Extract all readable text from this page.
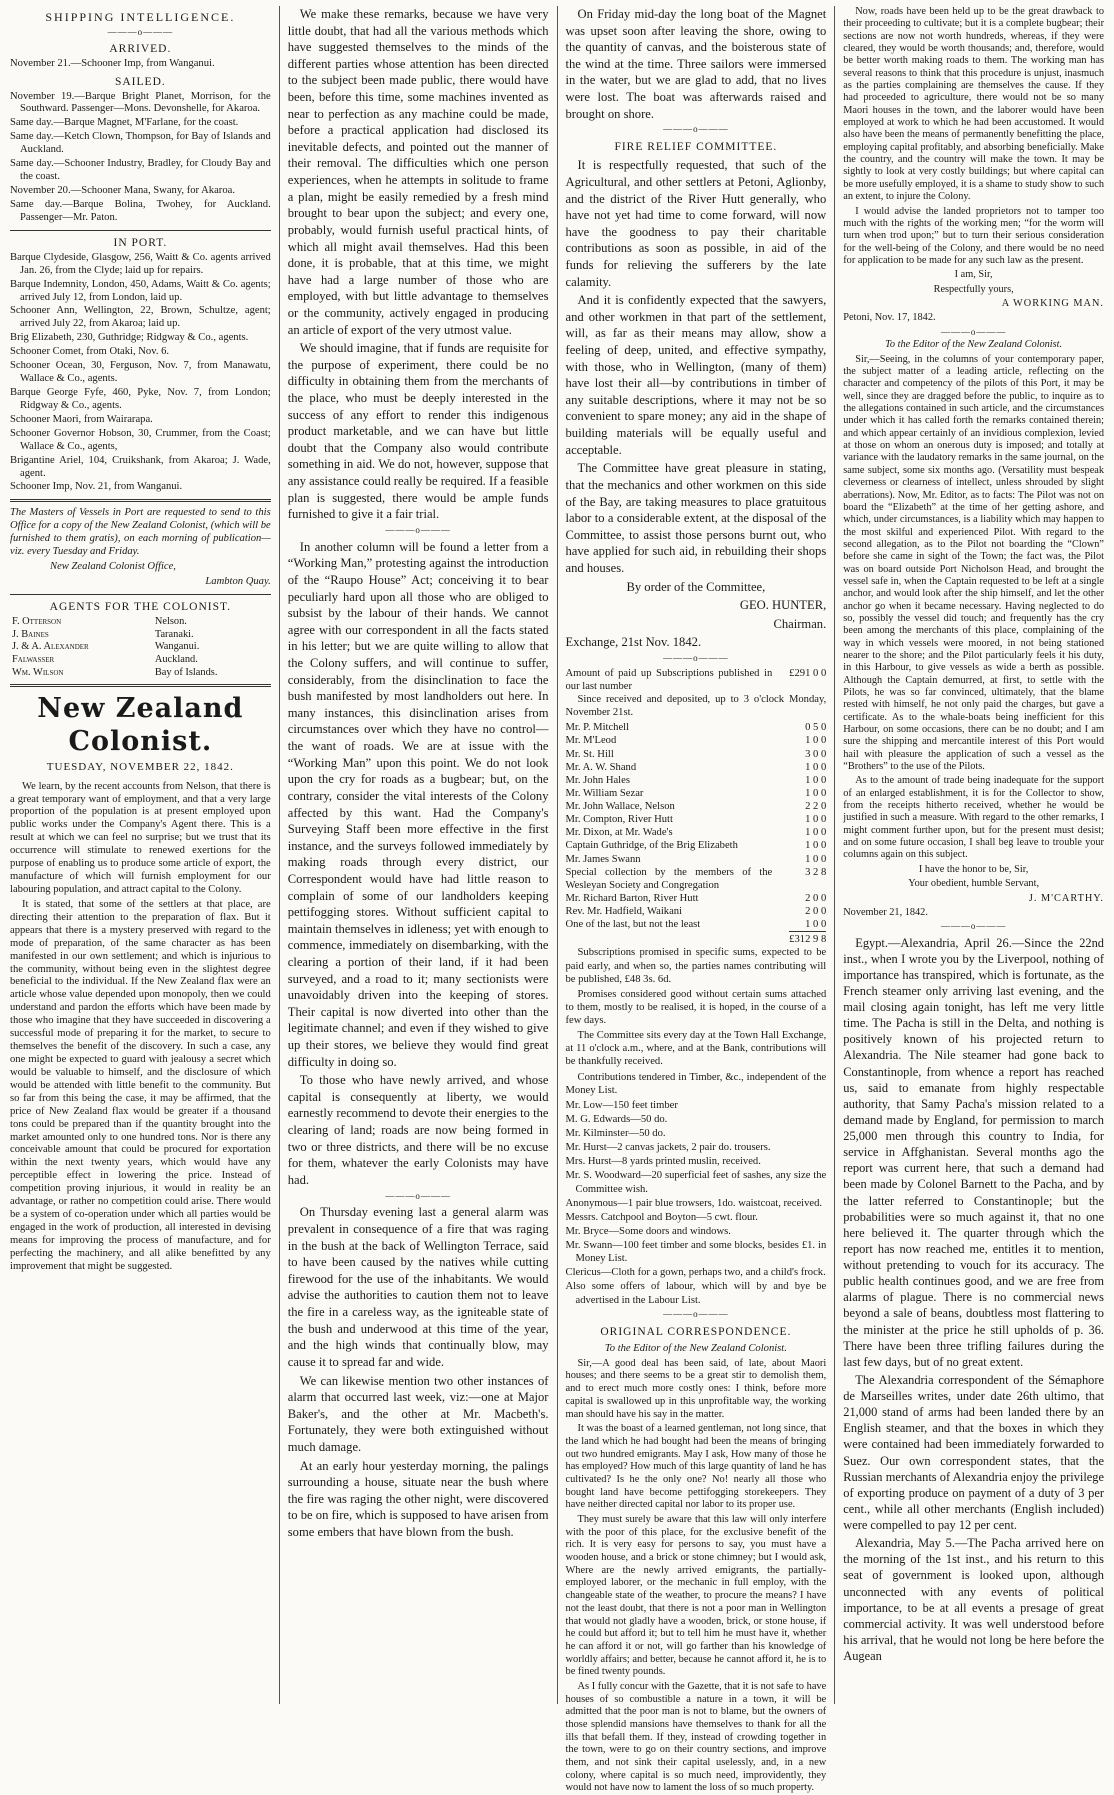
SHIPPING INTELLIGENCE.
———o———
ARRIVED.
November 21.—Schooner Imp, from Wanganui.
SAILED.
November 19.—Barque Bright Planet, Morrison, for the Southward. Passenger—Mons. Devonshelle, for Akaroa.
Same day.—Barque Magnet, M'Farlane, for the coast.
Same day.—Ketch Clown, Thompson, for Bay of Islands and Auckland.
Same day.—Schooner Industry, Bradley, for Cloudy Bay and the coast.
November 20.—Schooner Mana, Swany, for Akaroa.
Same day.—Barque Bolina, Twohey, for Auckland. Passenger—Mr. Paton.
IN PORT.
Barque Clydeside, Glasgow, 256, Waitt & Co. agents arrived Jan. 26, from the Clyde; laid up for repairs.
Barque Indemnity, London, 450, Adams, Waitt & Co. agents; arrived July 12, from London, laid up.
Schooner Ann, Wellington, 22, Brown, Schultze, agent; arrived July 22, from Akaroa; laid up.
Brig Elizabeth, 230, Guthridge; Ridgway & Co., agents.
Schooner Comet, from Otaki, Nov. 6.
Schooner Ocean, 30, Ferguson, Nov. 7, from Manawatu, Wallace & Co., agents.
Barque George Fyfe, 460, Pyke, Nov. 7, from London; Ridgway & Co., agents.
Schooner Maori, from Wairarapa.
Schooner Governor Hobson, 30, Crummer, from the Coast; Wallace & Co., agents,
Brigantine Ariel, 104, Cruikshank, from Akaroa; J. Wade, agent.
Schooner Imp, Nov. 21, from Wanganui.

The Masters of Vessels in Port are requested to send to this Office for a copy of the New Zealand Colonist, (which will be furnished to them gratis), on each morning of publication—viz. every Tuesday and Friday.

New Zealand Colonist Office,

Lambton Quay.

AGENTS FOR THE COLONIST.
F. Otterson	Nelson.
J. Baines	Taranaki.
J. & A. Alexander	Wanganui.
Falwasser	Auckland.
Wm. Wilson	Bay of Islands.
New Zealand Colonist.
TUESDAY, NOVEMBER 22, 1842.

We learn, by the recent accounts from Nelson, that there is a great temporary want of employment, and that a very large proportion of the population is at present employed upon public works under the Company's Agent there. This is a result at which we can feel no surprise; but we trust that its occurrence will stimulate to renewed exertions for the purpose of enabling us to produce some article of export, the manufacture of which will furnish employment for our labouring population, and attract capital to the Colony.

It is stated, that some of the settlers at that place, are directing their attention to the preparation of flax. But it appears that there is a mystery preserved with regard to the mode of preparation, of the same character as has been manifested in our own settlement; and which is injurious to the community, without being even in the slightest degree beneficial to the individual. If the New Zealand flax were an article whose value depended upon monopoly, then we could understand and pardon the efforts which have been made by those who imagine that they have succeeded in discovering a successful mode of preparing it for the market, to secure to themselves the benefit of the discovery. In such a case, any one might be expected to guard with jealousy a secret which would be valuable to himself, and the disclosure of which would be attended with little benefit to the community. But so far from this being the case, it may be affirmed, that the price of New Zealand flax would be greater if a thousand tons could be prepared than if the quantity brought into the market amounted only to one hundred tons. Nor is there any conceivable amount that could be procured for exportation within the next twenty years, which would have any perceptible effect in lowering the price. Instead of competition proving injurious, it would in reality be an advantage, or rather no competition could arise. There would be a system of co-operation under which all parties would be engaged in the work of production, all interested in devising means for improving the process of manufacture, and for perfecting the machinery, and all alike benefitted by any improvement that might be suggested.

We make these remarks, because we have very little doubt, that had all the various methods which have suggested themselves to the minds of the different parties whose attention has been directed to the subject been made public, there would have been, before this time, some machines invented as near to perfection as any machine could be made, before a practical application had disclosed its inevitable defects, and pointed out the manner of their removal. The difficulties which one person experiences, when he attempts in solitude to frame a plan, might be easily remedied by a fresh mind brought to bear upon the subject; and every one, probably, would furnish useful practical hints, of which all might avail themselves. Had this been done, it is probable, that at this time, we might have had a large number of those who are employed, with but little advantage to themselves or the community, actively engaged in producing an article of export of the very utmost value.

We should imagine, that if funds are requisite for the purpose of experiment, there could be no difficulty in obtaining them from the merchants of the place, who must be deeply interested in the success of any effort to render this indigenous product marketable, and we can have but little doubt that the Company also would contribute something in aid. We do not, however, suppose that any assistance could really be required. If a feasible plan is suggested, there would be ample funds furnished to give it a fair trial.

———o———

In another column will be found a letter from a “Working Man,” protesting against the introduction of the “Raupo House” Act; conceiving it to bear peculiarly hard upon all those who are obliged to subsist by the labour of their hands. We cannot agree with our correspondent in all the facts stated in his letter; but we are quite willing to allow that the Colony suffers, and will continue to suffer, considerably, from the disinclination to face the bush manifested by most landholders out here. In many instances, this disinclination arises from circumstances over which they have no control—the want of roads. We are at issue with the “Working Man” upon this point. We do not look upon the cry for roads as a bugbear; but, on the contrary, consider the vital interests of the Colony affected by this want. Had the Company's Surveying Staff been more effective in the first instance, and the surveys followed immediately by making roads through every district, our Correspondent would have had little reason to complain of some of our landholders keeping pettifogging stores. Without sufficient capital to maintain themselves in idleness; yet with enough to commence, immediately on disembarking, with the clearing a portion of their land, if it had been surveyed, and a road to it; many sectionists were unavoidably driven into the keeping of stores. Their capital is now diverted into other than the legitimate channel; and even if they wished to give up their stores, we believe they would find great difficulty in doing so.

To those who have newly arrived, and whose capital is consequently at liberty, we would earnestly recommend to devote their energies to the clearing of land; roads are now being formed in two or three districts, and there will be no excuse for them, whatever the early Colonists may have had.

———o———

On Thursday evening last a general alarm was prevalent in consequence of a fire that was raging in the bush at the back of Wellington Terrace, said to have been caused by the natives while cutting firewood for the use of the inhabitants. We would advise the authorities to caution them not to leave the fire in a careless way, as the igniteable state of the bush and underwood at this time of the year, and the high winds that continually blow, may cause it to spread far and wide.

We can likewise mention two other instances of alarm that occurred last week, viz:—one at Major Baker's, and the other at Mr. Macbeth's. Fortunately, they were both extinguished without much damage.

At an early hour yesterday morning, the palings surrounding a house, situate near the bush where the fire was raging the other night, were discovered to be on fire, which is supposed to have arisen from some embers that have blown from the bush.

On Friday mid-day the long boat of the Magnet was upset soon after leaving the shore, owing to the quantity of canvas, and the boisterous state of the wind at the time. Three sailors were immersed in the water, but we are glad to add, that no lives were lost. The boat was afterwards raised and brought on shore.

———o———
FIRE RELIEF COMMITTEE.

It is respectfully requested, that such of the Agricultural, and other settlers at Petoni, Aglionby, and the district of the River Hutt generally, who have not yet had time to come forward, will now have the goodness to pay their charitable contributions as soon as possible, in aid of the funds for relieving the sufferers by the late calamity.

And it is confidently expected that the sawyers, and other workmen in that part of the settlement, will, as far as their means may allow, show a feeling of deep, united, and effective sympathy, with those, who in Wellington, (many of them) have lost their all—by contributions in timber of any suitable descriptions, where it may not be so convenient to spare money; any aid in the shape of building materials will be equally useful and acceptable.

The Committee have great pleasure in stating, that the mechanics and other workmen on this side of the Bay, are taking measures to place gratuitous labor to a considerable extent, at the disposal of the Committee, to assist those persons burnt out, who have applied for such aid, in rebuilding their shops and houses.

By order of the Committee,

GEO. HUNTER,

Chairman.

Exchange, 21st Nov. 1842.

———o———
Amount of paid up Subscriptions published in our last number	£291 0 0

Since received and deposited, up to 3 o'clock Monday, November 21st.

Mr. P. Mitchell	0 5 0
Mr. M'Leod	1 0 0
Mr. St. Hill	3 0 0
Mr. A. W. Shand	1 0 0
Mr. John Hales	1 0 0
Mr. William Sezar	1 0 0
Mr. John Wallace, Nelson	2 2 0
Mr. Compton, River Hutt	1 0 0
Mr. Dixon, at Mr. Wade's	1 0 0
Captain Guthridge, of the Brig Elizabeth	1 0 0
Mr. James Swann	1 0 0
Special collection by the members of the Wesleyan Society and Congregation	3 2 8
Mr. Richard Barton, River Hutt	2 0 0
Rev. Mr. Hadfield, Waikani	2 0 0
One of the last, but not the least	1 0 0
	£312 9 8

Subscriptions promised in specific sums, expected to be paid early, and when so, the parties names contributing will be published, £48 3s. 6d.

Promises considered good without certain sums attached to them, mostly to be realised, it is hoped, in the course of a few days.

The Committee sits every day at the Town Hall Exchange, at 11 o'clock a.m., where, and at the Bank, contributions will be thankfully received.

Contributions tendered in Timber, &c., independent of the Money List.

Mr. Low—150 feet timber
M. G. Edwards—50 do.
Mr. Kilminster—50 do.
Mr. Hurst—2 canvas jackets, 2 pair do. trousers.
Mrs. Hurst—8 yards printed muslin, received.
Mr. S. Woodward—20 superficial feet of sashes, any size the Committee wish.
Anonymous—1 pair blue trowsers, 1do. waistcoat, received.
Messrs. Catchpool and Boyton—5 cwt. flour.
Mr. Bryce—Some doors and windows.
Mr. Swann—100 feet timber and some blocks, besides £1. in Money List.
Clericus—Cloth for a gown, perhaps two, and a child's frock.
Also some offers of labour, which will by and bye be advertised in the Labour List.
———o———
ORIGINAL CORRESPONDENCE.

To the Editor of the New Zealand Colonist.

Sir,—A good deal has been said, of late, about Maori houses; and there seems to be a great stir to demolish them, and to erect much more costly ones: I think, before more capital is swallowed up in this unprofitable way, the working man should have his say in the matter.

It was the boast of a learned gentleman, not long since, that the land which he had bought had been the means of bringing out two hundred emigrants. May I ask, How many of those he has employed? How much of this large quantity of land he has cultivated? Is he the only one? No! nearly all those who bought land have become pettifogging storekeepers. They have neither directed capital nor labor to its proper use.

They must surely be aware that this law will only interfere with the poor of this place, for the exclusive benefit of the rich. It is very easy for persons to say, you must have a wooden house, and a brick or stone chimney; but I would ask, Where are the newly arrived emigrants, the partially-employed laborer, or the mechanic in full employ, with the changeable state of the weather, to procure the means? I have not the least doubt, that there is not a poor man in Wellington that would not gladly have a wooden, brick, or stone house, if he could but afford it; but to tell him he must have it, whether he can afford it or not, will go farther than his knowledge of worldly affairs; and better, because he cannot afford it, he is to be fined twenty pounds.

As I fully concur with the Gazette, that it is not safe to have houses of so combustible a nature in a town, it will be admitted that the poor man is not to blame, but the owners of those splendid mansions have themselves to thank for all the ills that befall them. If they, instead of crowding together in the town, were to go on their country sections, and improve them, and not sink their capital uselessly, and, in a new colony, where capital is so much need, improvidently, they would not have now to lament the loss of so much property.

Now, roads have been held up to be the great drawback to their proceeding to cultivate; but it is a complete bugbear; their sections are now not worth hundreds, whereas, if they were cleared, they would be worth thousands; and, therefore, would be better worth making roads to them. The working man has several reasons to think that this procedure is unjust, inasmuch as the parties complaining are themselves the cause. If they had proceeded to agriculture, there would not be so many Maori houses in the town, and the laborer would have been employed at work to which he had been accustomed. It would also have been the means of permanently benefitting the place, employing capital profitably, and absorbing beneficially. Make the country, and the country will make the town. It may be sightly to look at very costly buildings; but where capital can be more usefully employed, it is a shame to study show to such an extent, to injure the Colony.

I would advise the landed proprietors not to tamper too much with the rights of the working men; “for the worm will turn when trod upon;” but to turn their serious consideration for the well-being of the Colony, and there would be no need for application to be made for any such law as the present.

I am, Sir,

Respectfully yours,

A WORKING MAN.

Petoni, Nov. 17, 1842.

———o———

To the Editor of the New Zealand Colonist.

Sir,—Seeing, in the columns of your contemporary paper, the subject matter of a leading article, reflecting on the character and competency of the pilots of this Port, it may be well, since they are dragged before the public, to inquire as to the allegations contained in such article, and the circumstances under which it has called forth the remarks contained therein; and which appear certainly of an invidious complexion, levied at those on whom an onerous duty is imposed; and totally at variance with the laudatory remarks in the same journal, on the same subject, some six months ago. (Versatility must bespeak cleverness or clearness of intellect, unless shrouded by slight aberrations). Now, Mr. Editor, as to facts: The Pilot was not on board the “Elizabeth” at the time of her getting ashore, and which, under circumstances, is a liability which may happen to the most skilful and experienced Pilot. With regard to the second allegation, as to the Pilot not boarding the “Clown” before she came in sight of the Town; the fact was, the Pilot was on board outside Port Nicholson Head, and brought the vessel safe in, when the Captain requested to be left at a single anchor, and would look after the ship himself, and let the other anchor go when it became necessary. Having neglected to do so, possibly the vessel did touch; and frequently has the cry been among the merchants of this place, complaining of the way in which vessels were moored, in not being stationed nearer to the shore; and the Pilot particularly feels it his duty, in this Harbour, to give vessels as wide a berth as possible. Although the Captain demurred, at first, to settle with the Pilots, he was so far convinced, ultimately, that the blame rested with himself, he not only paid the charges, but gave a certificate. As to the whale-boats being inefficient for this Harbour, on some occasions, there can be no doubt; and I am sure the shipping and mercantile interest of this Port would hail with pleasure the application of such a vessel as the “Brothers” to the use of the Pilots.

As to the amount of trade being inadequate for the support of an enlarged establishment, it is for the Collector to show, from the receipts hitherto received, whether he would be justified in such a measure. With regard to the other remarks, I might comment further upon, but for the present must desist; and on some future occasion, I shall beg leave to trouble your columns again on this subject.

I have the honor to be, Sir,

Your obedient, humble Servant,

J. M'CARTHY.

November 21, 1842.

———o———

Egypt.—Alexandria, April 26.—Since the 22nd inst., when I wrote you by the Liverpool, nothing of importance has transpired, which is fortunate, as the French steamer only arriving last evening, and the mail closing again tonight, has left me very little time. The Pacha is still in the Delta, and nothing is positively known of his projected return to Alexandria. The Nile steamer had gone back to Constantinople, from whence a report has reached us, said to emanate from highly respectable authority, that Samy Pacha's mission related to a demand made by England, for permission to march 25,000 men through this country to India, for service in Affghanistan. Several months ago the report was current here, that such a demand had been made by Colonel Barnett to the Pacha, and by the latter referred to Constantinople; but the probabilities were so much against it, that no one here believed it. The quarter through which the report has now reached me, entitles it to mention, without pretending to vouch for its accuracy. The public health continues good, and we are free from alarms of plague. There is no commercial news beyond a sale of beans, doubtless most flattering to the minister at the price he still upholds of p. 36. There have been three trifling failures during the last few days, but of no great extent.

The Alexandria correspondent of the Sémaphore de Marseilles writes, under date 26th ultimo, that 21,000 stand of arms had been landed there by an English steamer, and that the boxes in which they were contained had been immediately forwarded to Suez. Our own correspondent states, that the Russian merchants of Alexandria enjoy the privilege of exporting produce on payment of a duty of 3 per cent., while all other merchants (English included) were compelled to pay 12 per cent.

Alexandria, May 5.—The Pacha arrived here on the morning of the 1st inst., and his return to this seat of government is looked upon, although unconnected with any events of political importance, to be at all events a presage of great commercial activity. It was well understood before his arrival, that he would not long be here before the Augean
